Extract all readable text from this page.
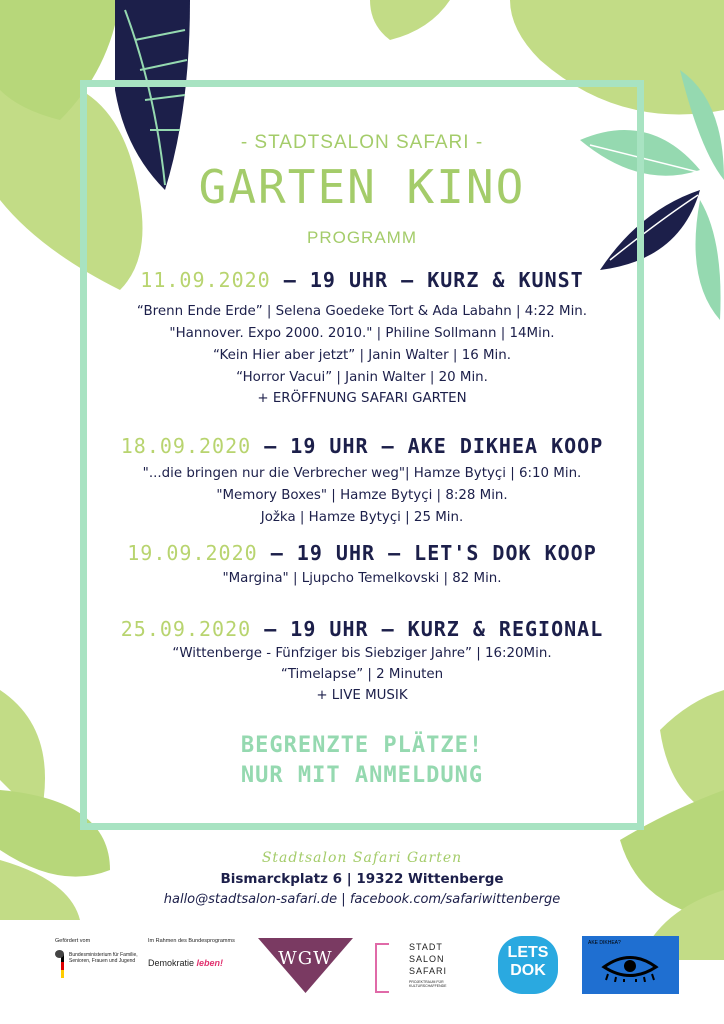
- STADTSALON SAFARI -
GARTEN KINO
PROGRAMM
11.09.2020 – 19 UHR – KURZ & KUNST
“Brenn Ende Erde” | Selena Goedeke Tort & Ada Labahn | 4:22 Min.
"Hannover. Expo 2000. 2010." | Philine Sollmann | 14Min.
“Kein Hier aber jetzt” | Janin Walter | 16 Min.
“Horror Vacui” | Janin Walter | 20 Min.
+ ERÖFFNUNG SAFARI GARTEN
18.09.2020 – 19 UHR – AKE DIKHEA KOOP
"...die bringen nur die Verbrecher weg"| Hamze Bytyçi | 6:10 Min.
"Memory Boxes" | Hamze Bytyçi | 8:28 Min.
Jožka | Hamze Bytyçi | 25 Min.
19.09.2020 – 19 UHR – LET'S DOK KOOP
"Margina" | Ljupcho Temelkovski | 82 Min.
25.09.2020 – 19 UHR – KURZ & REGIONAL
“Wittenberge - Fünfziger bis Siebziger Jahre” | 16:20Min.
“Timelapse” | 2 Minuten
+ LIVE MUSIK
BEGRENZTE PLÄTZE!
NUR MIT ANMELDUNG
Stadtsalon Safari Garten
Bismarckplatz 6 | 19322 Wittenberge
hallo@stadtsalon-safari.de | facebook.com/safariwittenberge
Gefördert vom
Bundesministerium für Familie, Senioren, Frauen und Jugend
Im Rahmen des Bundesprogramms
Demokratie leben!	WGW
STADT
SALON
SAFARI
PROJEKTRAUM FÜR KULTURSCHAFFENDE
LETS
DOK
AKE DIKHEA?
